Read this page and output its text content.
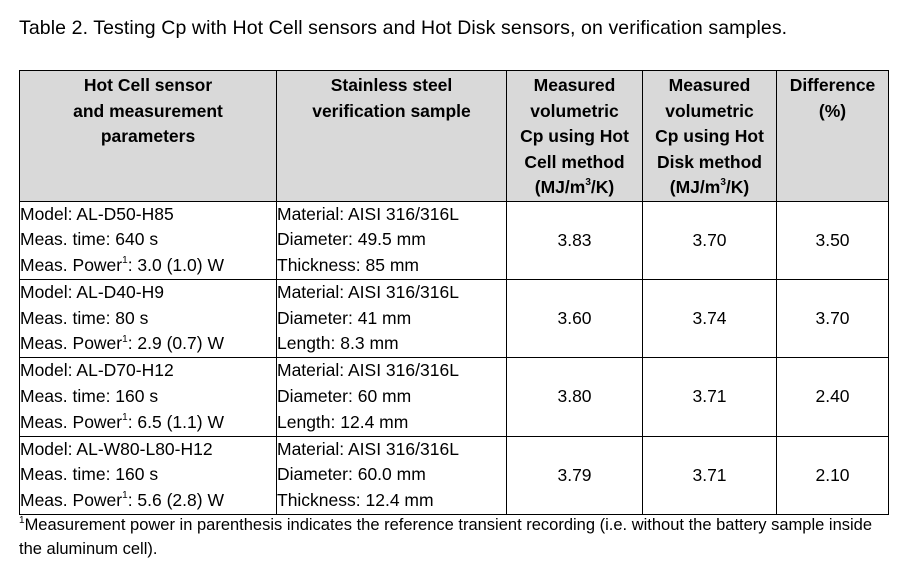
Table 2. Testing Cp with Hot Cell sensors and Hot Disk sensors, on verification samples.
Hot Cell sensor
and measurement
parameters	Stainless steel
verification sample	Measured
volumetric
Cp using Hot
Cell method
$(MJ/m^3/K)$	Measured
volumetric
Cp using Hot
Disk method
$(MJ/m^3/K)$	Difference
(%)

Model: AL-D50-H85
Meas. time: 640 s
Meas. Power$^1$: 3.0 (1.0) W	Material: AISI 316/316L
Diameter: 49.5 mm
Thickness: 85 mm	3.83	3.70	3.50

Model: AL-D40-H9
Meas. time: 80 s
Meas. Power$^1$: 2.9 (0.7) W	Material: AISI 316/316L
Diameter: 41 mm
Length: 8.3 mm	3.60	3.74	3.70

Model: AL-D70-H12
Meas. time: 160 s
Meas. Power$^1$: 6.5 (1.1) W	Material: AISI 316/316L
Diameter: 60 mm
Length: 12.4 mm	3.80	3.71	2.40

Model: AL-W80-L80-H12
Meas. time: 160 s
Meas. Power$^1$: 5.6 (2.8) W	Material: AISI 316/316L
Diameter: 60.0 mm
Thickness: 12.4 mm	3.79	3.71	2.10
$^1$Measurement power in parenthesis indicates the reference transient recording (i.e. without the battery sample inside the aluminum cell).
